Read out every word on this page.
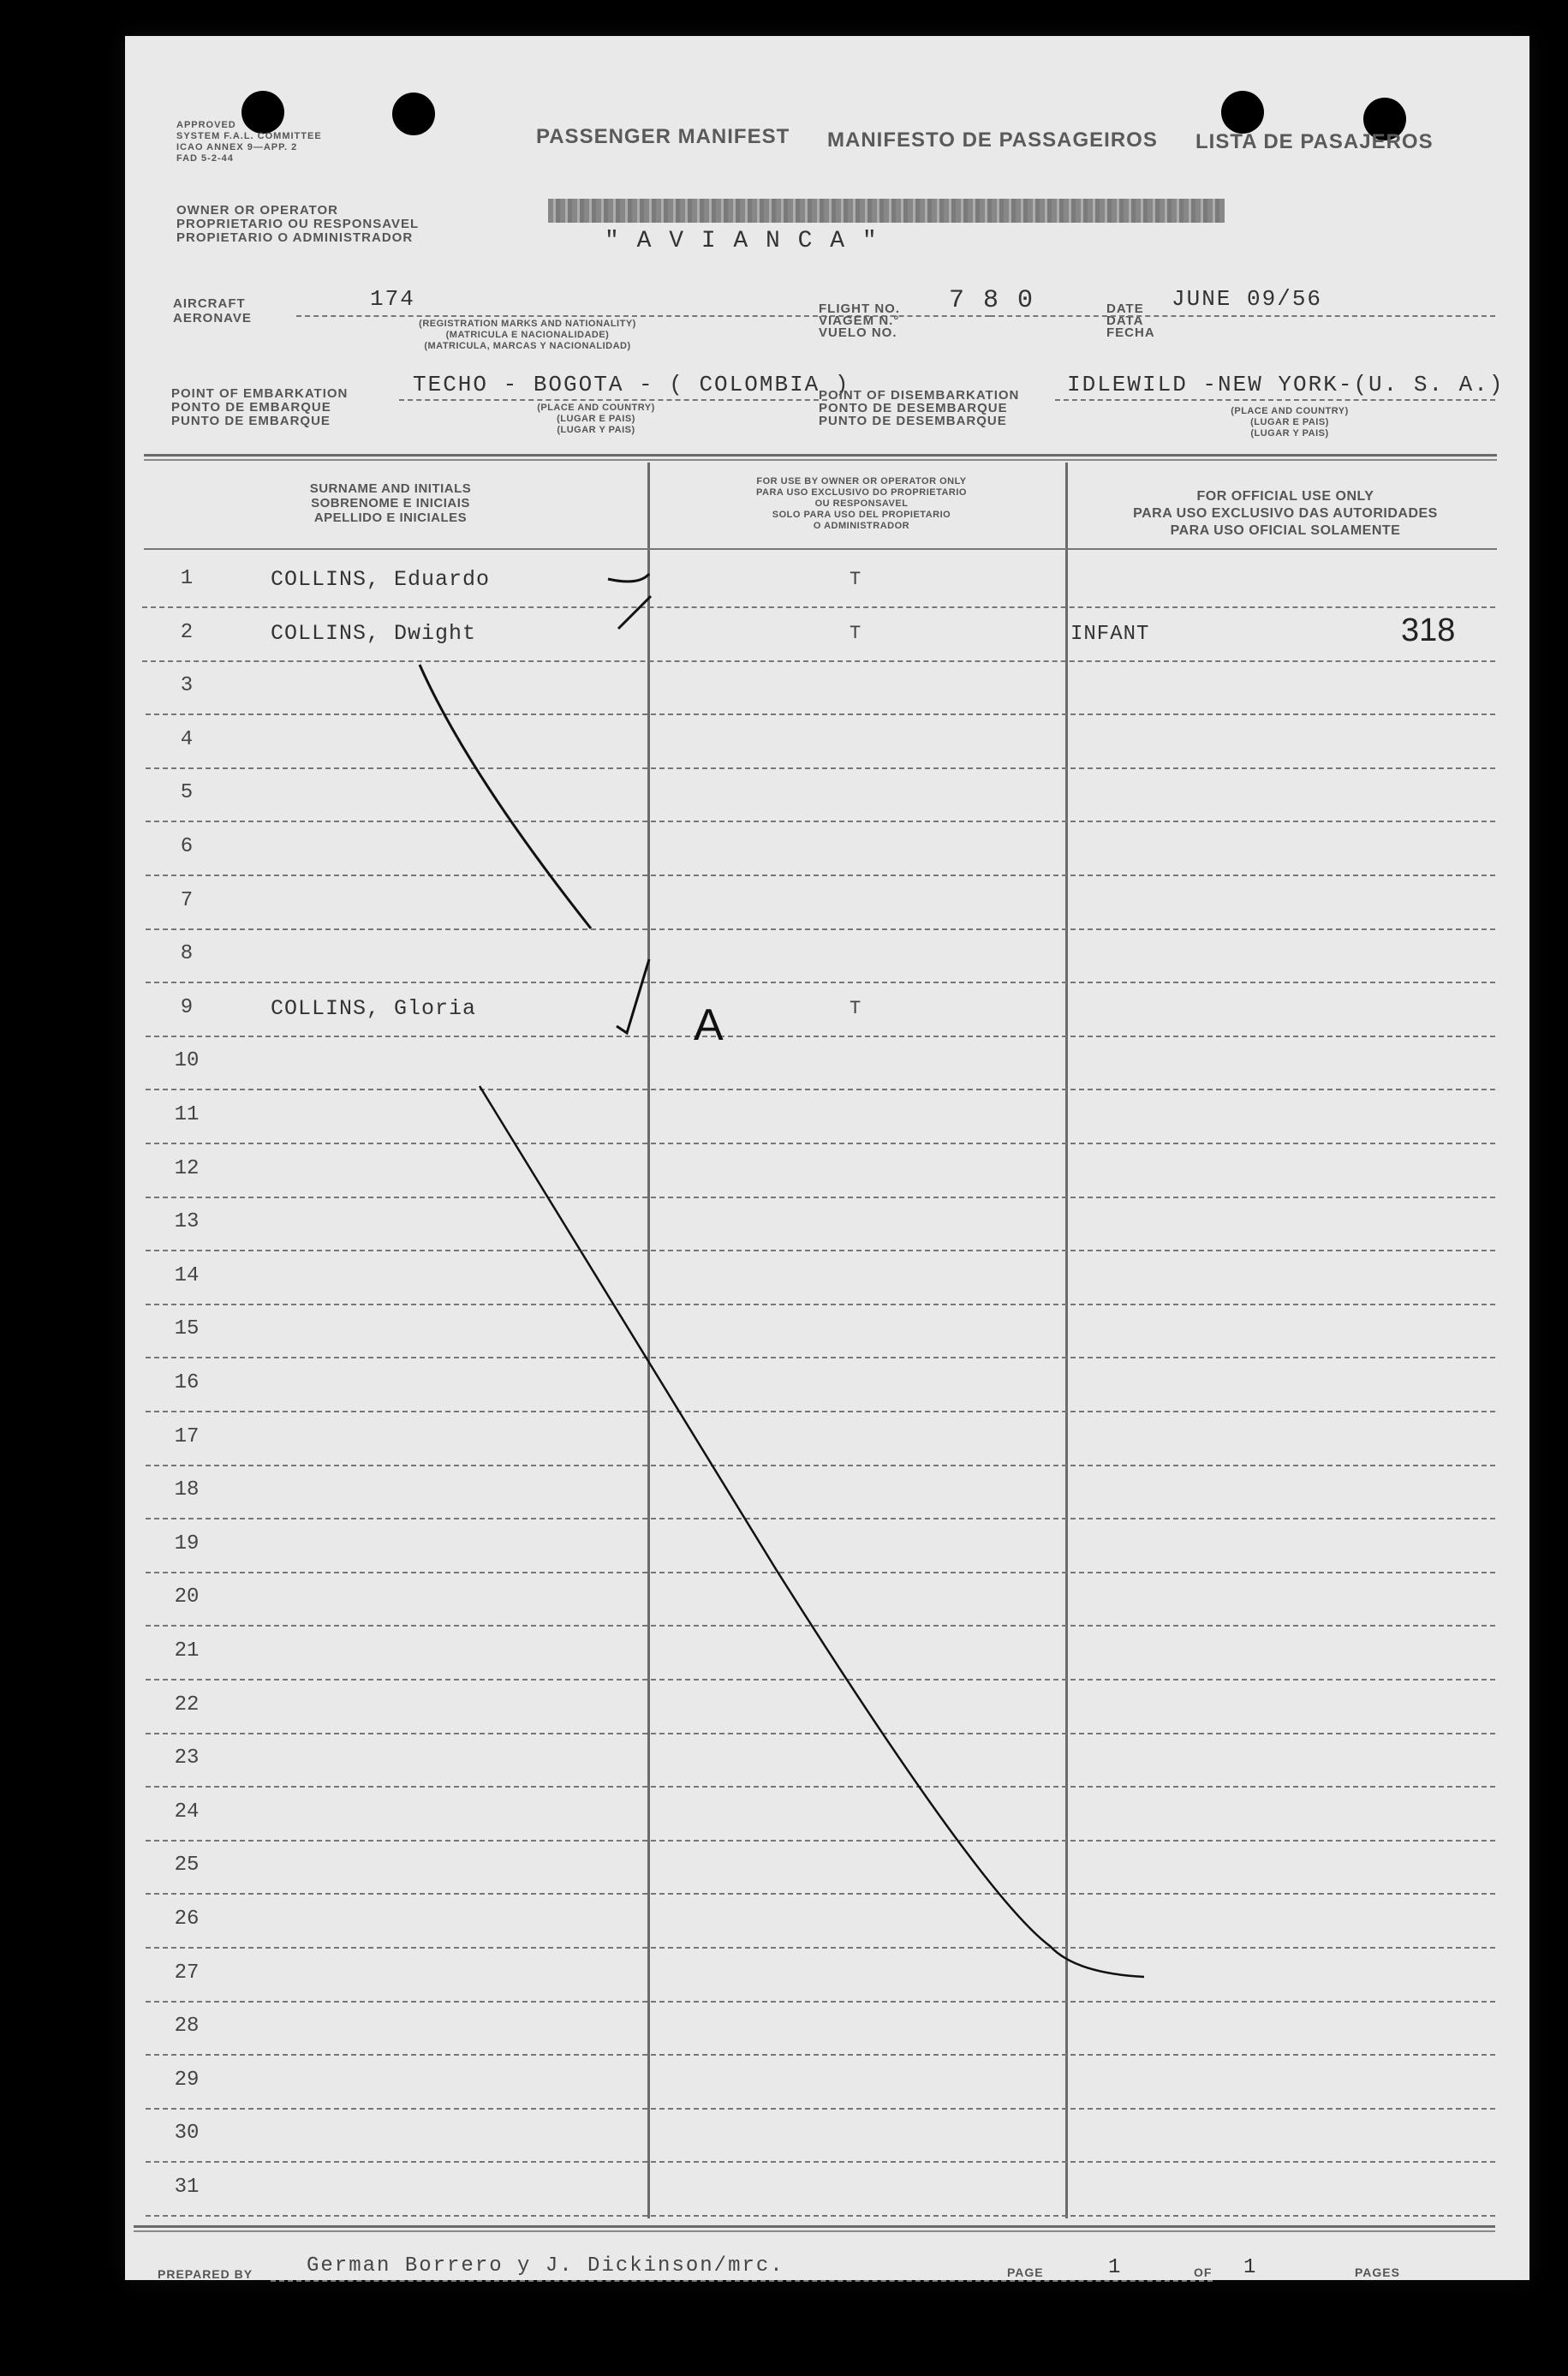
APPROVED
SYSTEM F.A.L. COMMITTEE
ICAO ANNEX 9—APP. 2
FAD 5-2-44
PASSENGER MANIFEST MANIFESTO DE PASSAGEIROS LISTA DE PASAJEROS
OWNER OR OPERATOR
PROPRIETARIO OU RESPONSAVEL
PROPIETARIO O ADMINISTRADOR	" A V I A N C A "
AIRCRAFT
AERONAVE
174
(REGISTRATION MARKS AND NATIONALITY)
(MATRICULA E NACIONALIDADE)
(MATRICULA, MARCAS Y NACIONALIDAD)
FLIGHT NO.
VIAGEM N.°
VUELO NO.
7 8 0	DATE
DATA
FECHA
JUNE 09/56
POINT OF EMBARKATION
PONTO DE EMBARQUE
PUNTO DE EMBARQUE
TECHO - BOGOTA - ( COLOMBIA )
(PLACE AND COUNTRY)
(LUGAR E PAIS)
(LUGAR Y PAIS)
POINT OF DISEMBARKATION
PONTO DE DESEMBARQUE
PUNTO DE DESEMBARQUE
IDLEWILD -NEW YORK-(U. S. A.)
(PLACE AND COUNTRY)
(LUGAR E PAIS)
(LUGAR Y PAIS)
SURNAME AND INITIALS
SOBRENOME E INICIAIS
APELLIDO E INICIALES
FOR USE BY OWNER OR OPERATOR ONLY
PARA USO EXCLUSIVO DO PROPRIETARIO
OU RESPONSAVEL
SOLO PARA USO DEL PROPIETARIO
O ADMINISTRADOR
FOR OFFICIAL USE ONLY
PARA USO EXCLUSIVO DAS AUTORIDADES
PARA USO OFICIAL SOLAMENTE
1	COLLINS, Eduardo	T
2	COLLINS, Dwight	T	INFANT	318
3
4
5
6
7
8
9	COLLINS, Gloria	T
10
11
12
13
14
15
16
17
18
19
20
21
22
23
24
25
26
27
28
29
30
31
PREPARED BY	German Borrero y J. Dickinson/mrc.	PAGE	1	OF 1	PAGES
A
